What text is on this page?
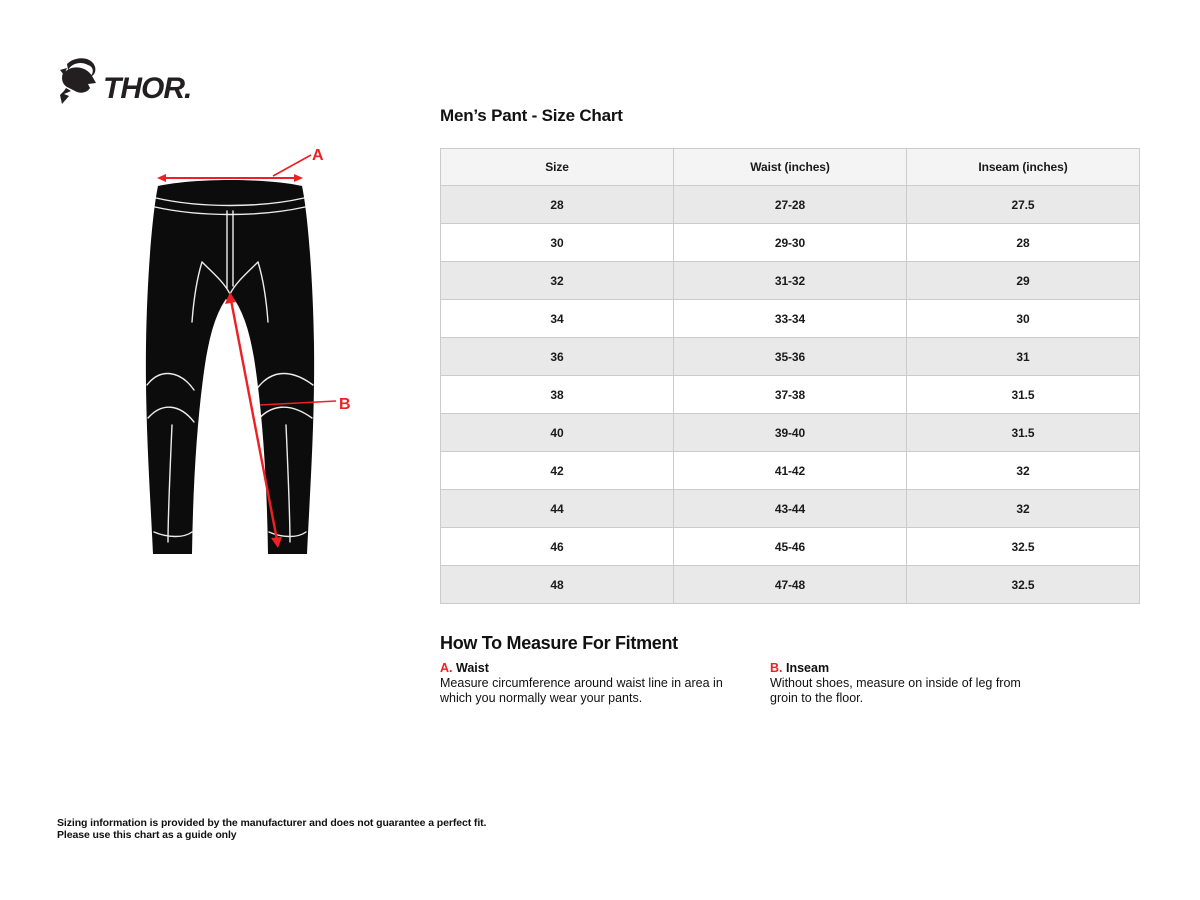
THOR.
A
B
Men’s Pant - Size Chart
Size	Waist (inches)	Inseam (inches)
28	27-28	27.5
30	29-30	28
32	31-32	29
34	33-34	30
36	35-36	31
38	37-38	31.5
40	39-40	31.5
42	41-42	32
44	43-44	32
46	45-46	32.5
48	47-48	32.5
How To Measure For Fitment
A. Waist
Measure circumference around waist line in area in which you normally wear your pants.
B. Inseam
Without shoes, measure on inside of leg from groin to the floor.
Sizing information is provided by the manufacturer and does not guarantee a perfect fit.
Please use this chart as a guide only
